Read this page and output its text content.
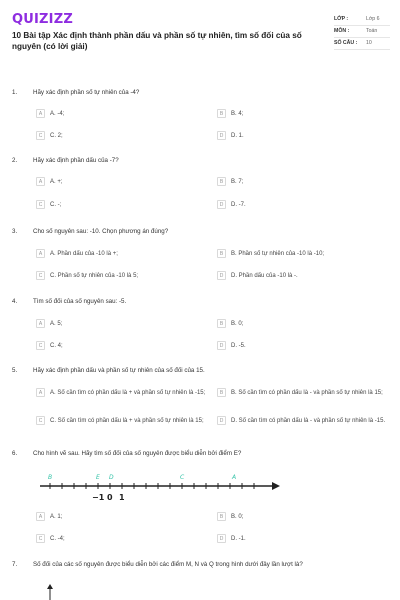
QUIZIZZ
10 Bài tập Xác định thành phần dấu và phần số tự nhiên, tìm số đối của số nguyên (có lời giải)
LỚP :	Lớp 6
MÔN :	Toán
SỐ CÂU :	10
1.	Hãy xác định phần số tự nhiên của -4?
A	A. -4;	B	B. 4;
C	C. 2;	D	D. 1.
2.	Hãy xác định phần dấu của -7?
A	A. +;	B	B. 7;
C	C. -;	D	D. -7.
3.	Cho số nguyên sau: -10. Chọn phương án đúng?
A	A. Phần dấu của -10 là +;	B	B. Phần số tự nhiên của -10 là -10;
C	C. Phần số tự nhiên của -10 là 5;	D	D. Phần dấu của -10 là -.
4.	Tìm số đối của số nguyên sau: -5.
A	A. 5;	B	B. 0;
C	C. 4;	D	D. -5.
5.	Hãy xác định phần dấu và phần số tự nhiên của số đối của 15.
A	A. Số cần tìm có phần dấu là + và phần số tự nhiên là -15;	B	B. Số cần tìm có phần dấu là - và phần số tự nhiên là 15;
C	C. Số cần tìm có phần dấu là + và phần số tự nhiên là 15;	D	D. Số cần tìm có phần dấu là - và phần số tự nhiên là -15.
6.	Cho hình vẽ sau. Hãy tìm số đối của số nguyên được biểu diễn bởi điểm E?
A	A. 1;	B	B. 0;
C	C. -4;	D	D. -1.
B	E D	C	A
−1 0 1
7.	Số đối của các số nguyên được biểu diễn bởi các điểm M, N và Q trong hình dưới đây lần lượt là?
